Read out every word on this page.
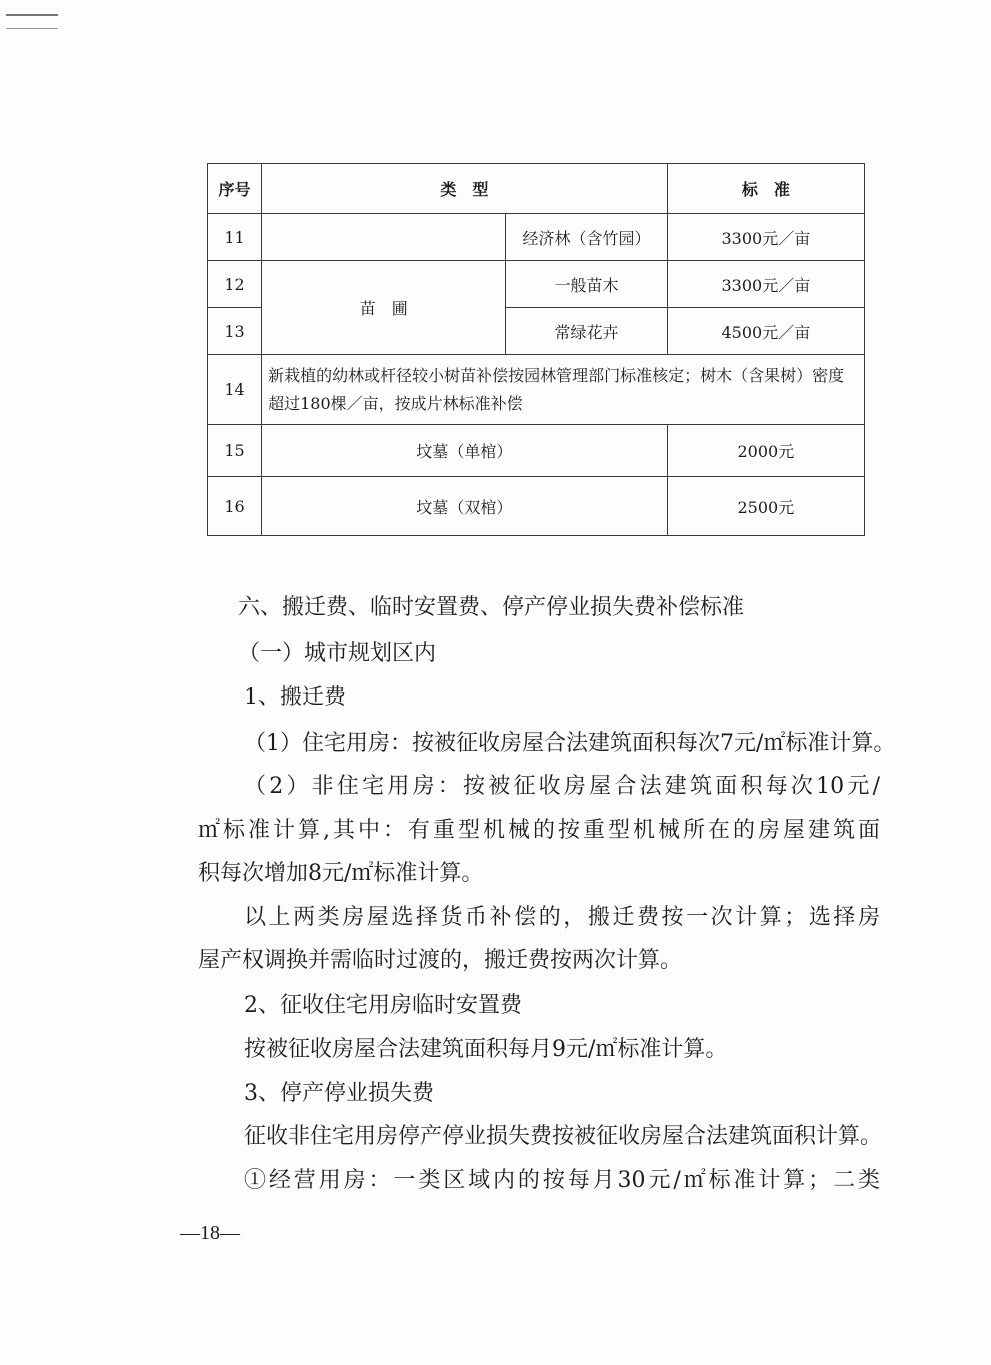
序号	类　型		标　准
11		经济林（含竹园）	3300元／亩
12	苗　圃	一般苗木	3300元／亩
13		常绿花卉	4500元／亩
14	新栽植的幼林或杆径较小树苗补偿按园林管理部门标准核定；树木（含果树）密度超过180棵／亩，按成片林标准补偿		
15	坟墓（单棺）		2000元
16	坟墓（双棺）		2500元
六、搬迁费、临时安置费、停产停业损失费补偿标准
（一）城市规划区内
1、搬迁费
（1）住宅用房：按被征收房屋合法建筑面积每次7元/㎡标准计算。
（2）非住宅用房：按被征收房屋合法建筑面积每次10元/
㎡标准计算,其中：有重型机械的按重型机械所在的房屋建筑面
积每次增加8元/㎡标准计算。
以上两类房屋选择货币补偿的，搬迁费按一次计算；选择房
屋产权调换并需临时过渡的，搬迁费按两次计算。
2、征收住宅用房临时安置费
按被征收房屋合法建筑面积每月9元/㎡标准计算。
3、停产停业损失费
征收非住宅用房停产停业损失费按被征收房屋合法建筑面积计算。
①经营用房：一类区域内的按每月30元/㎡标准计算；二类
—18—
